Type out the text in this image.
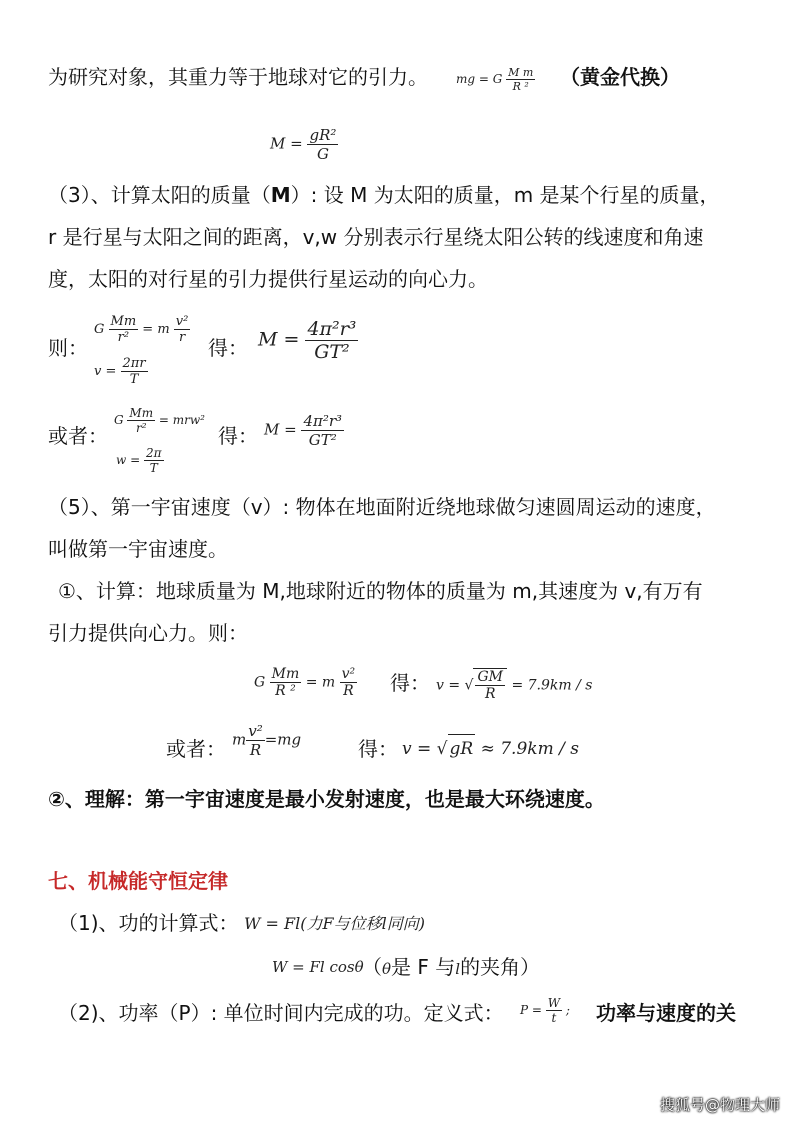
为研究对象，其重力等于地球对它的引力。 mg = G $\frac{\text{M m}}{\text{R ²}}$ （黄金代换）
$M = \frac{\text{gR²}}{G}$
（3）、计算太阳的质量（M）: 设 M 为太阳的质量，m 是某个行星的质量，
r 是行星与太阳之间的距离，v,w 分别表示行星绕太阳公转的线速度和角速
度，太阳的对行星的引力提供行星运动的向心力。
则：
G $\frac{Mm}{\text{r²}} = m \frac{\text{v²}}{r}$
$v = \frac{2\pi r}{T}$
得： $M = \frac{\text{4π²r³}}{\text{GT²}}$
或者：
G $\frac{Mm}{\text{r²}} = mrw^2$
$w = \frac{2\pi}{T}$
得： $M = \frac{\text{4π²r³}}{\text{GT²}}$
（5）、第一宇宙速度（v）: 物体在地面附近绕地球做匀速圆周运动的速度，
叫做第一宇宙速度。
①、计算：地球质量为 M,地球附近的物体的质量为 m,其速度为 v,有万有
引力提供向心力。则：
G $\frac{Mm}{\text{R ²}} = m \frac{\text{v²}}{R}$ 得： v = √ $\frac{GM}{R} = 7.9km / s$
或者： m $\frac{\text{v²}}{R} =mg$	得： v = √ gR ≈ 7.9km / s
②、理解：第一宇宙速度是最小发射速度，也是最大环绕速度。
七、机械能守恒定律
（1)、功的计算式： W = Fl(力F与位移l同向)
W = Fl cosθ
（θ是 F 与l的夹角）
（2)、功率（P）: 单位时间内完成的功。定义式： $P = \frac{W}{t}$ ; 功率与速度的关
搜狐号@物理大师
